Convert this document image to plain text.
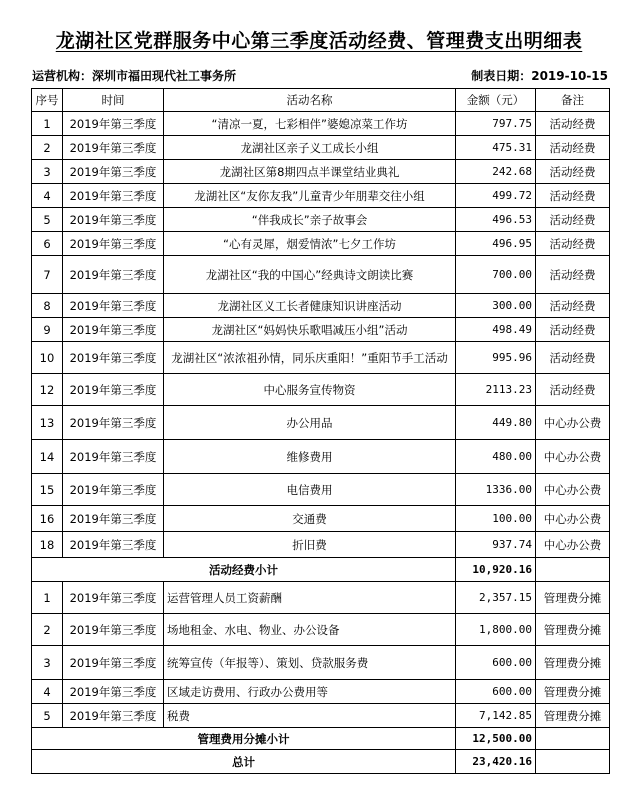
龙湖社区党群服务中心第三季度活动经费、管理费支出明细表
运营机构：深圳市福田现代社工事务所	制表日期：2019-10-15
序号	时间	活动名称	金额（元）	备注
1	2019年第三季度	“清凉一夏，七彩相伴”婆媳凉菜工作坊	797.75	活动经费
2	2019年第三季度	龙湖社区亲子义工成长小组	475.31	活动经费
3	2019年第三季度	龙湖社区第8期四点半课堂结业典礼	242.68	活动经费
4	2019年第三季度	龙湖社区“友你友我”儿童青少年朋辈交往小组	499.72	活动经费
5	2019年第三季度	“伴我成长”亲子故事会	496.53	活动经费
6	2019年第三季度	“心有灵犀，烟爱情浓”七夕工作坊	496.95	活动经费
7	2019年第三季度	龙湖社区“我的中国心”经典诗文朗读比赛	700.00	活动经费
8	2019年第三季度	龙湖社区义工长者健康知识讲座活动	300.00	活动经费
9	2019年第三季度	龙湖社区“妈妈快乐歌唱减压小组”活动	498.49	活动经费
10	2019年第三季度	龙湖社区“浓浓祖孙情，同乐庆重阳！”重阳节手工活动	995.96	活动经费
12	2019年第三季度	中心服务宣传物资	2113.23	活动经费
13	2019年第三季度	办公用品	449.80	中心办公费
14	2019年第三季度	维修费用	480.00	中心办公费
15	2019年第三季度	电信费用	1336.00	中心办公费
16	2019年第三季度	交通费	100.00	中心办公费
18	2019年第三季度	折旧费	937.74	中心办公费
活动经费小计			10,920.16	
1	2019年第三季度	运营管理人员工资薪酬	2,357.15	管理费分摊
2	2019年第三季度	场地租金、水电、物业、办公设备	1,800.00	管理费分摊
3	2019年第三季度	统筹宣传（年报等）、策划、贷款服务费	600.00	管理费分摊
4	2019年第三季度	区域走访费用、行政办公费用等	600.00	管理费分摊
5	2019年第三季度	税费	7,142.85	管理费分摊
管理费用分摊小计			12,500.00	
总计			23,420.16	
